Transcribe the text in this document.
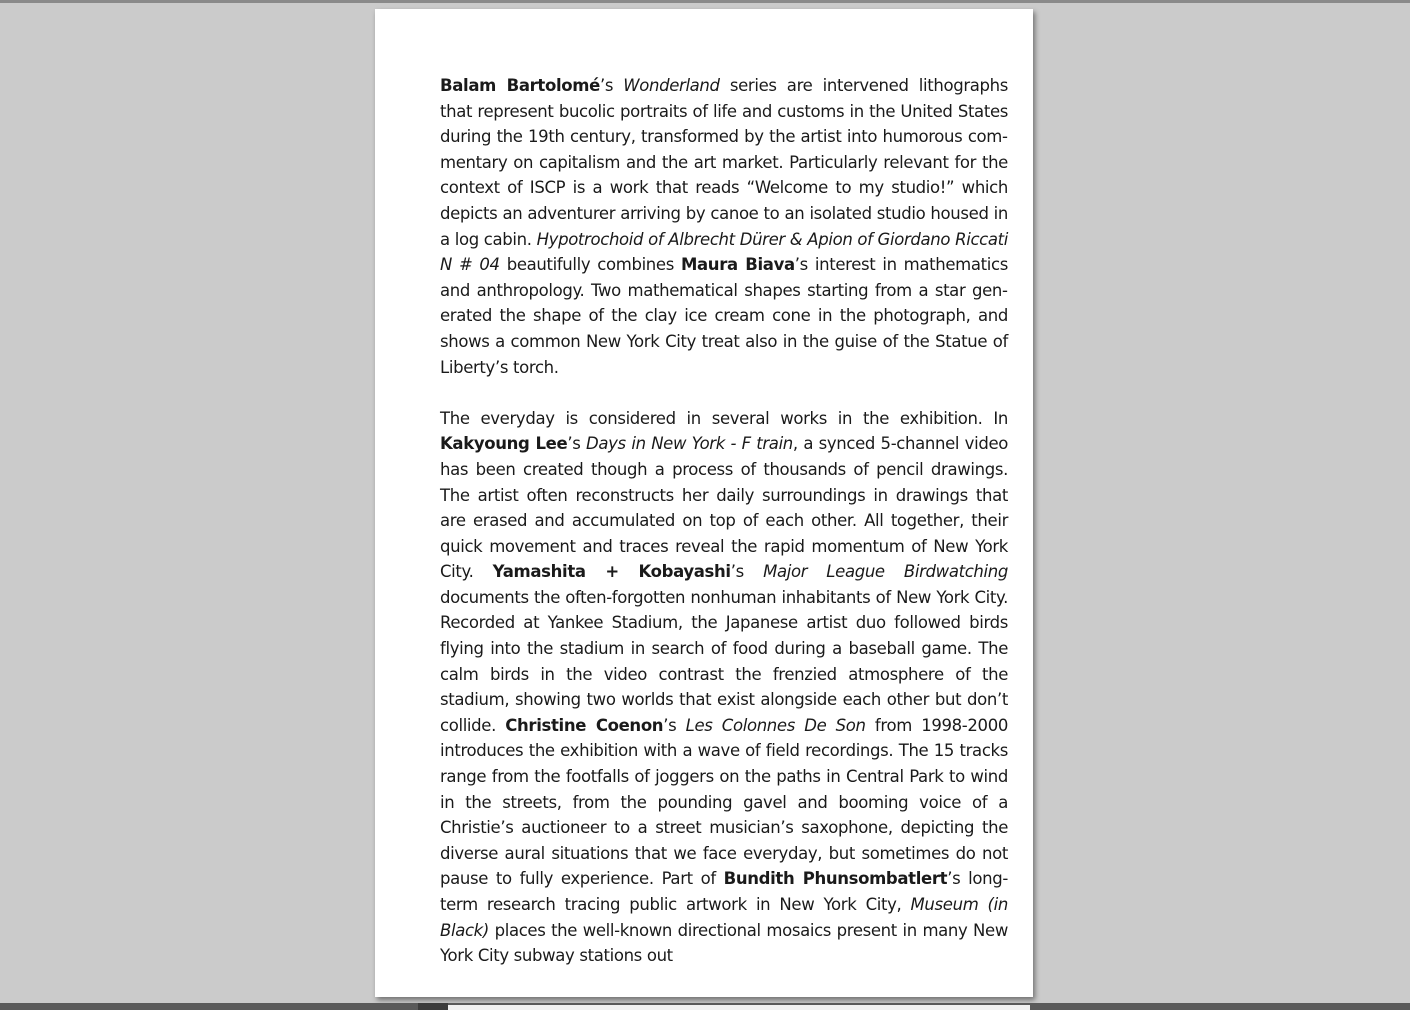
Balam Bartolomé’s Wonderland series are intervened lithographs that represent bucolic portraits of life and customs in the United States during the 19th century, transformed by the artist into humorous commentary on capitalism and the art market. Particularly relevant for the context of ISCP is a work that reads “Welcome to my studio!” which depicts an adventurer arriving by canoe to an isolated studio housed in a log cabin. Hypotrochoid of Albrecht Dürer & Apion of Giordano Riccati N # 04 beautifully combines Maura Biava’s interest in mathematics and anthropology. Two mathematical shapes starting from a star generated the shape of the clay ice cream cone in the photograph, and shows a common New York City treat also in the guise of the Statue of Liberty’s torch.

The everyday is considered in several works in the exhibition. In Kakyoung Lee’s Days in New York - F train, a synced 5-channel video has been created though a process of thousands of pencil drawings. The artist often reconstructs her daily surroundings in drawings that are erased and accumulated on top of each other. All together, their quick movement and traces reveal the rapid momentum of New York City. Yamashita + Kobayashi’s Major League Birdwatching documents the often-forgotten nonhuman inhabitants of New York City. Recorded at Yankee Stadium, the Japanese artist duo followed birds flying into the stadium in search of food during a baseball game. The calm birds in the video contrast the frenzied atmosphere of the stadium, showing two worlds that exist alongside each other but don’t collide. Christine Coenon’s Les Colonnes De Son from 1998-2000 introduces the exhibition with a wave of field recordings. The 15 tracks range from the footfalls of joggers on the paths in Central Park to wind in the streets, from the pounding gavel and booming voice of a Christie’s auctioneer to a street musician’s saxophone, depicting the diverse aural situations that we face everyday, but sometimes do not pause to fully experience. Part of Bundith Phunsombatlert’s long-term research tracing public artwork in New York City, Museum (in Black) places the well-known directional mosaics present in many New York City subway stations out
